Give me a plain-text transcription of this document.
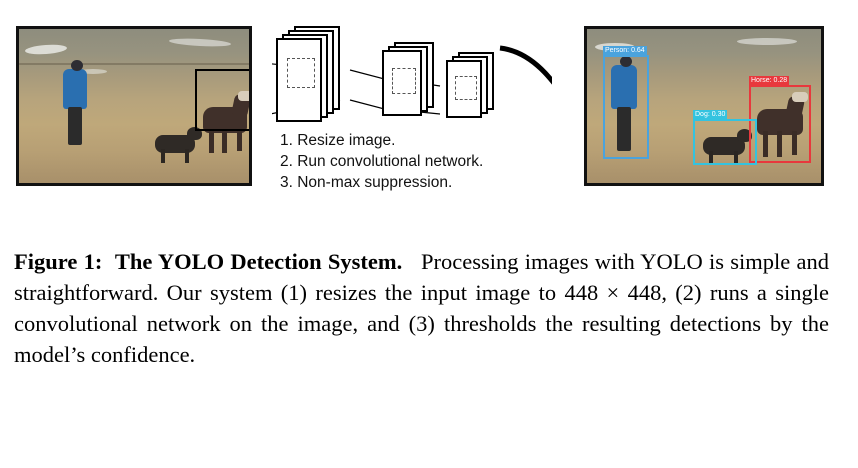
1. Resize image.
2. Run convolutional network.
3. Non-max suppression.
Person: 0.64
Horse: 0.28
Dog: 0.30
Figure 1: The YOLO Detection System. Processing images with YOLO is simple and straightforward. Our system (1) resizes the input image to 448 × 448, (2) runs a single convolutional network on the image, and (3) thresholds the resulting detections by the model’s confidence.
